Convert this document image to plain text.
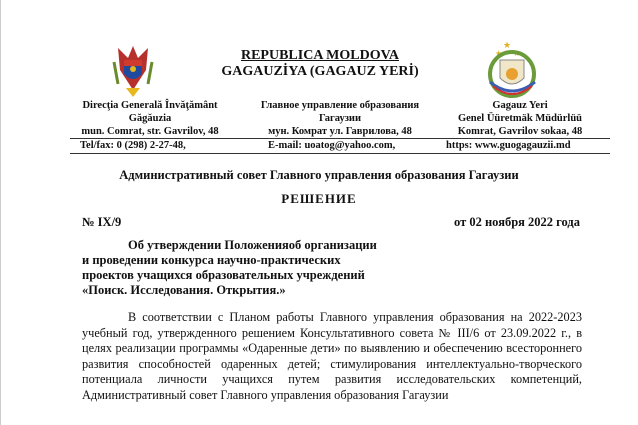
★
★ ★
REPUBLICA MOLDOVA
GAGAUZİYA (GAGAUZ YERİ)
Direcţia Generală Învăţământ
Găgăuzia
mun. Comrat, str. Gavrilov, 48
Главное управление образования
Гагаузии
мун. Комрат ул. Гаврилова, 48
Gagauz Yeri
Genel Üüretmäk Müdürlüü
Komrat, Gavrilov sokaa, 48
Tel/fax: 0 (298) 2-27-48,	E-mail: uoatog@yahoo.com,	https: www.guogagauzii.md
Административный совет Главного управления образования Гагаузии
РЕШЕНИЕ
№ IX/9	от 02 ноября 2022 года
Об утверждении Положенияоб организации
и проведении конкурса научно-практических
проектов учащихся образовательных учреждений
«Поиск. Исследования. Открытия.»
В соответствии с Планом работы Главного управления образования на 2022-2023 учебный год, утвержденного решением Консультативного совета № III/6 от 23.09.2022 г., в целях реализации программы «Одаренные дети» по выявлению и обеспечению всестороннего развития способностей одаренных детей; стимулирования интеллектуально-творческого потенциала личности учащихся путем развития исследовательских компетенций, Административный совет Главного управления образования Гагаузии
